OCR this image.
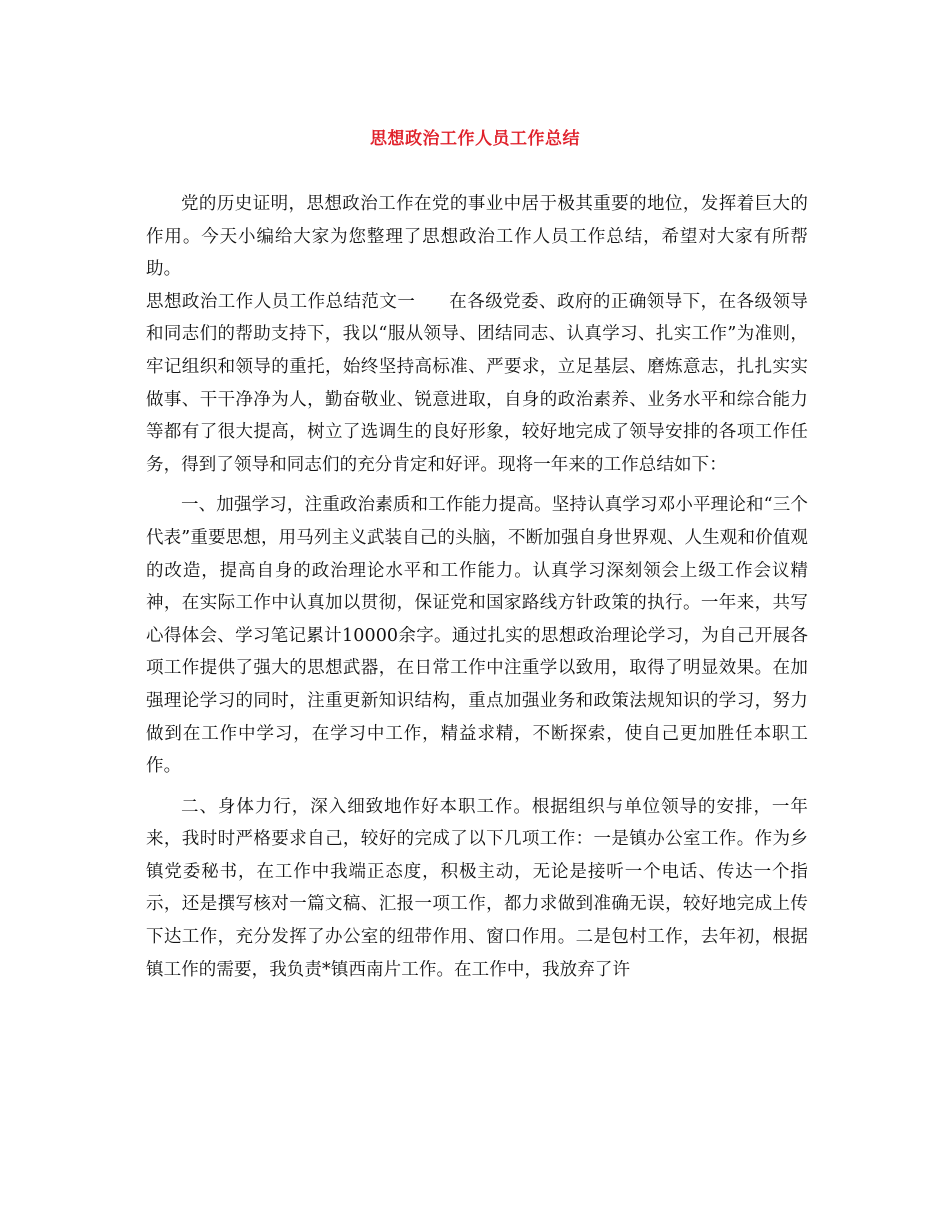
思想政治工作人员工作总结

党的历史证明，思想政治工作在党的事业中居于极其重要的地位，发挥着巨大的作用。今天小编给大家为您整理了思想政治工作人员工作总结，希望对大家有所帮助。

思想政治工作人员工作总结范文一 在各级党委、政府的正确领导下，在各级领导和同志们的帮助支持下，我以“服从领导、团结同志、认真学习、扎实工作”为准则，牢记组织和领导的重托，始终坚持高标准、严要求，立足基层、磨炼意志，扎扎实实做事、干干净净为人，勤奋敬业、锐意进取，自身的政治素养、业务水平和综合能力等都有了很大提高，树立了选调生的良好形象，较好地完成了领导安排的各项工作任务，得到了领导和同志们的充分肯定和好评。现将一年来的工作总结如下：

一、加强学习，注重政治素质和工作能力提高。坚持认真学习邓小平理论和“三个代表”重要思想，用马列主义武装自己的头脑，不断加强自身世界观、人生观和价值观的改造，提高自身的政治理论水平和工作能力。认真学习深刻领会上级工作会议精神，在实际工作中认真加以贯彻，保证党和国家路线方针政策的执行。一年来，共写心得体会、学习笔记累计10000余字。通过扎实的思想政治理论学习，为自己开展各项工作提供了强大的思想武器，在日常工作中注重学以致用，取得了明显效果。在加强理论学习的同时，注重更新知识结构，重点加强业务和政策法规知识的学习，努力做到在工作中学习，在学习中工作，精益求精，不断探索，使自己更加胜任本职工作。

二、身体力行，深入细致地作好本职工作。根据组织与单位领导的安排，一年来，我时时严格要求自己，较好的完成了以下几项工作：一是镇办公室工作。作为乡镇党委秘书，在工作中我端正态度，积极主动，无论是接听一个电话、传达一个指示，还是撰写核对一篇文稿、汇报一项工作，都力求做到准确无误，较好地完成上传下达工作，充分发挥了办公室的纽带作用、窗口作用。二是包村工作，去年初，根据镇工作的需要，我负责*镇西南片工作。在工作中，我放弃了许
